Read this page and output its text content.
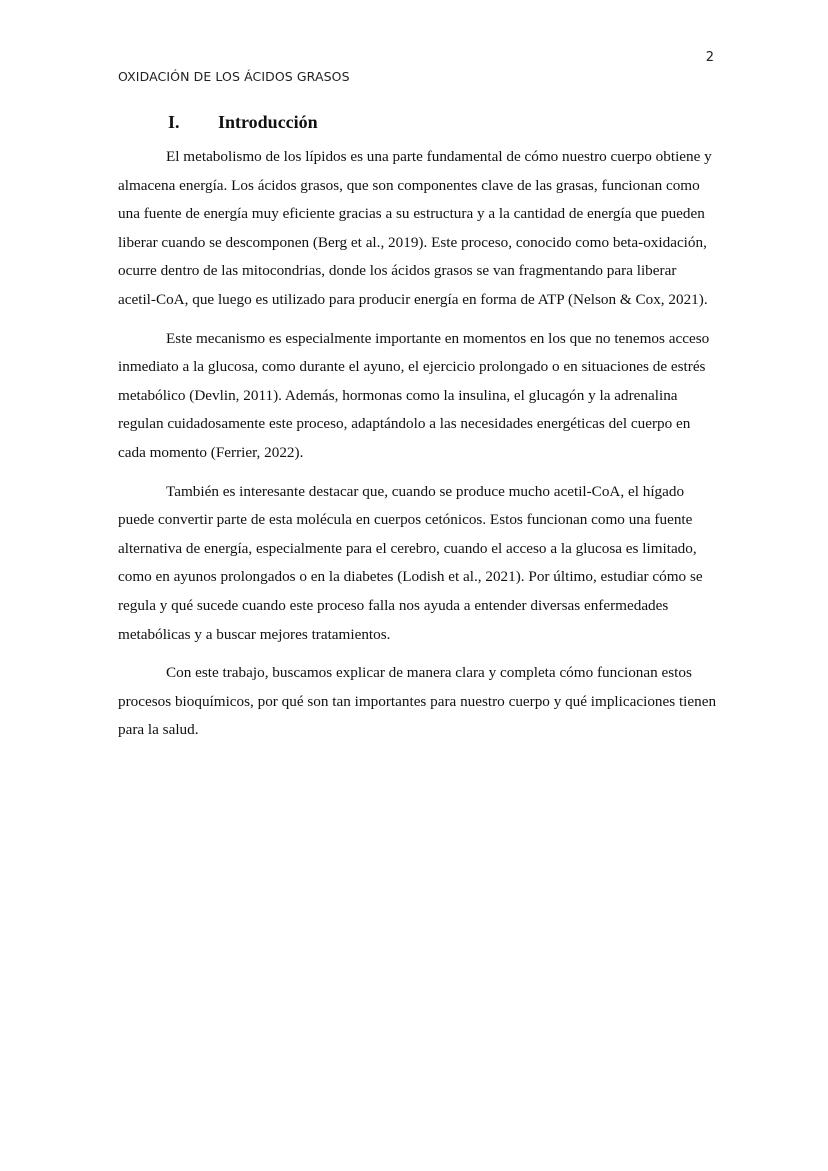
2
OXIDACIÓN DE LOS ÁCIDOS GRASOS
I. Introducción

El metabolismo de los lípidos es una parte fundamental de cómo nuestro cuerpo obtiene y almacena energía. Los ácidos grasos, que son componentes clave de las grasas, funcionan como una fuente de energía muy eficiente gracias a su estructura y a la cantidad de energía que pueden liberar cuando se descomponen (Berg et al., 2019). Este proceso, conocido como beta-oxidación, ocurre dentro de las mitocondrias, donde los ácidos grasos se van fragmentando para liberar acetil-CoA, que luego es utilizado para producir energía en forma de ATP (Nelson & Cox, 2021).

Este mecanismo es especialmente importante en momentos en los que no tenemos acceso inmediato a la glucosa, como durante el ayuno, el ejercicio prolongado o en situaciones de estrés metabólico (Devlin, 2011). Además, hormonas como la insulina, el glucagón y la adrenalina regulan cuidadosamente este proceso, adaptándolo a las necesidades energéticas del cuerpo en cada momento (Ferrier, 2022).

También es interesante destacar que, cuando se produce mucho acetil-CoA, el hígado puede convertir parte de esta molécula en cuerpos cetónicos. Estos funcionan como una fuente alternativa de energía, especialmente para el cerebro, cuando el acceso a la glucosa es limitado, como en ayunos prolongados o en la diabetes (Lodish et al., 2021). Por último, estudiar cómo se regula y qué sucede cuando este proceso falla nos ayuda a entender diversas enfermedades metabólicas y a buscar mejores tratamientos.

Con este trabajo, buscamos explicar de manera clara y completa cómo funcionan estos procesos bioquímicos, por qué son tan importantes para nuestro cuerpo y qué implicaciones tienen para la salud.
